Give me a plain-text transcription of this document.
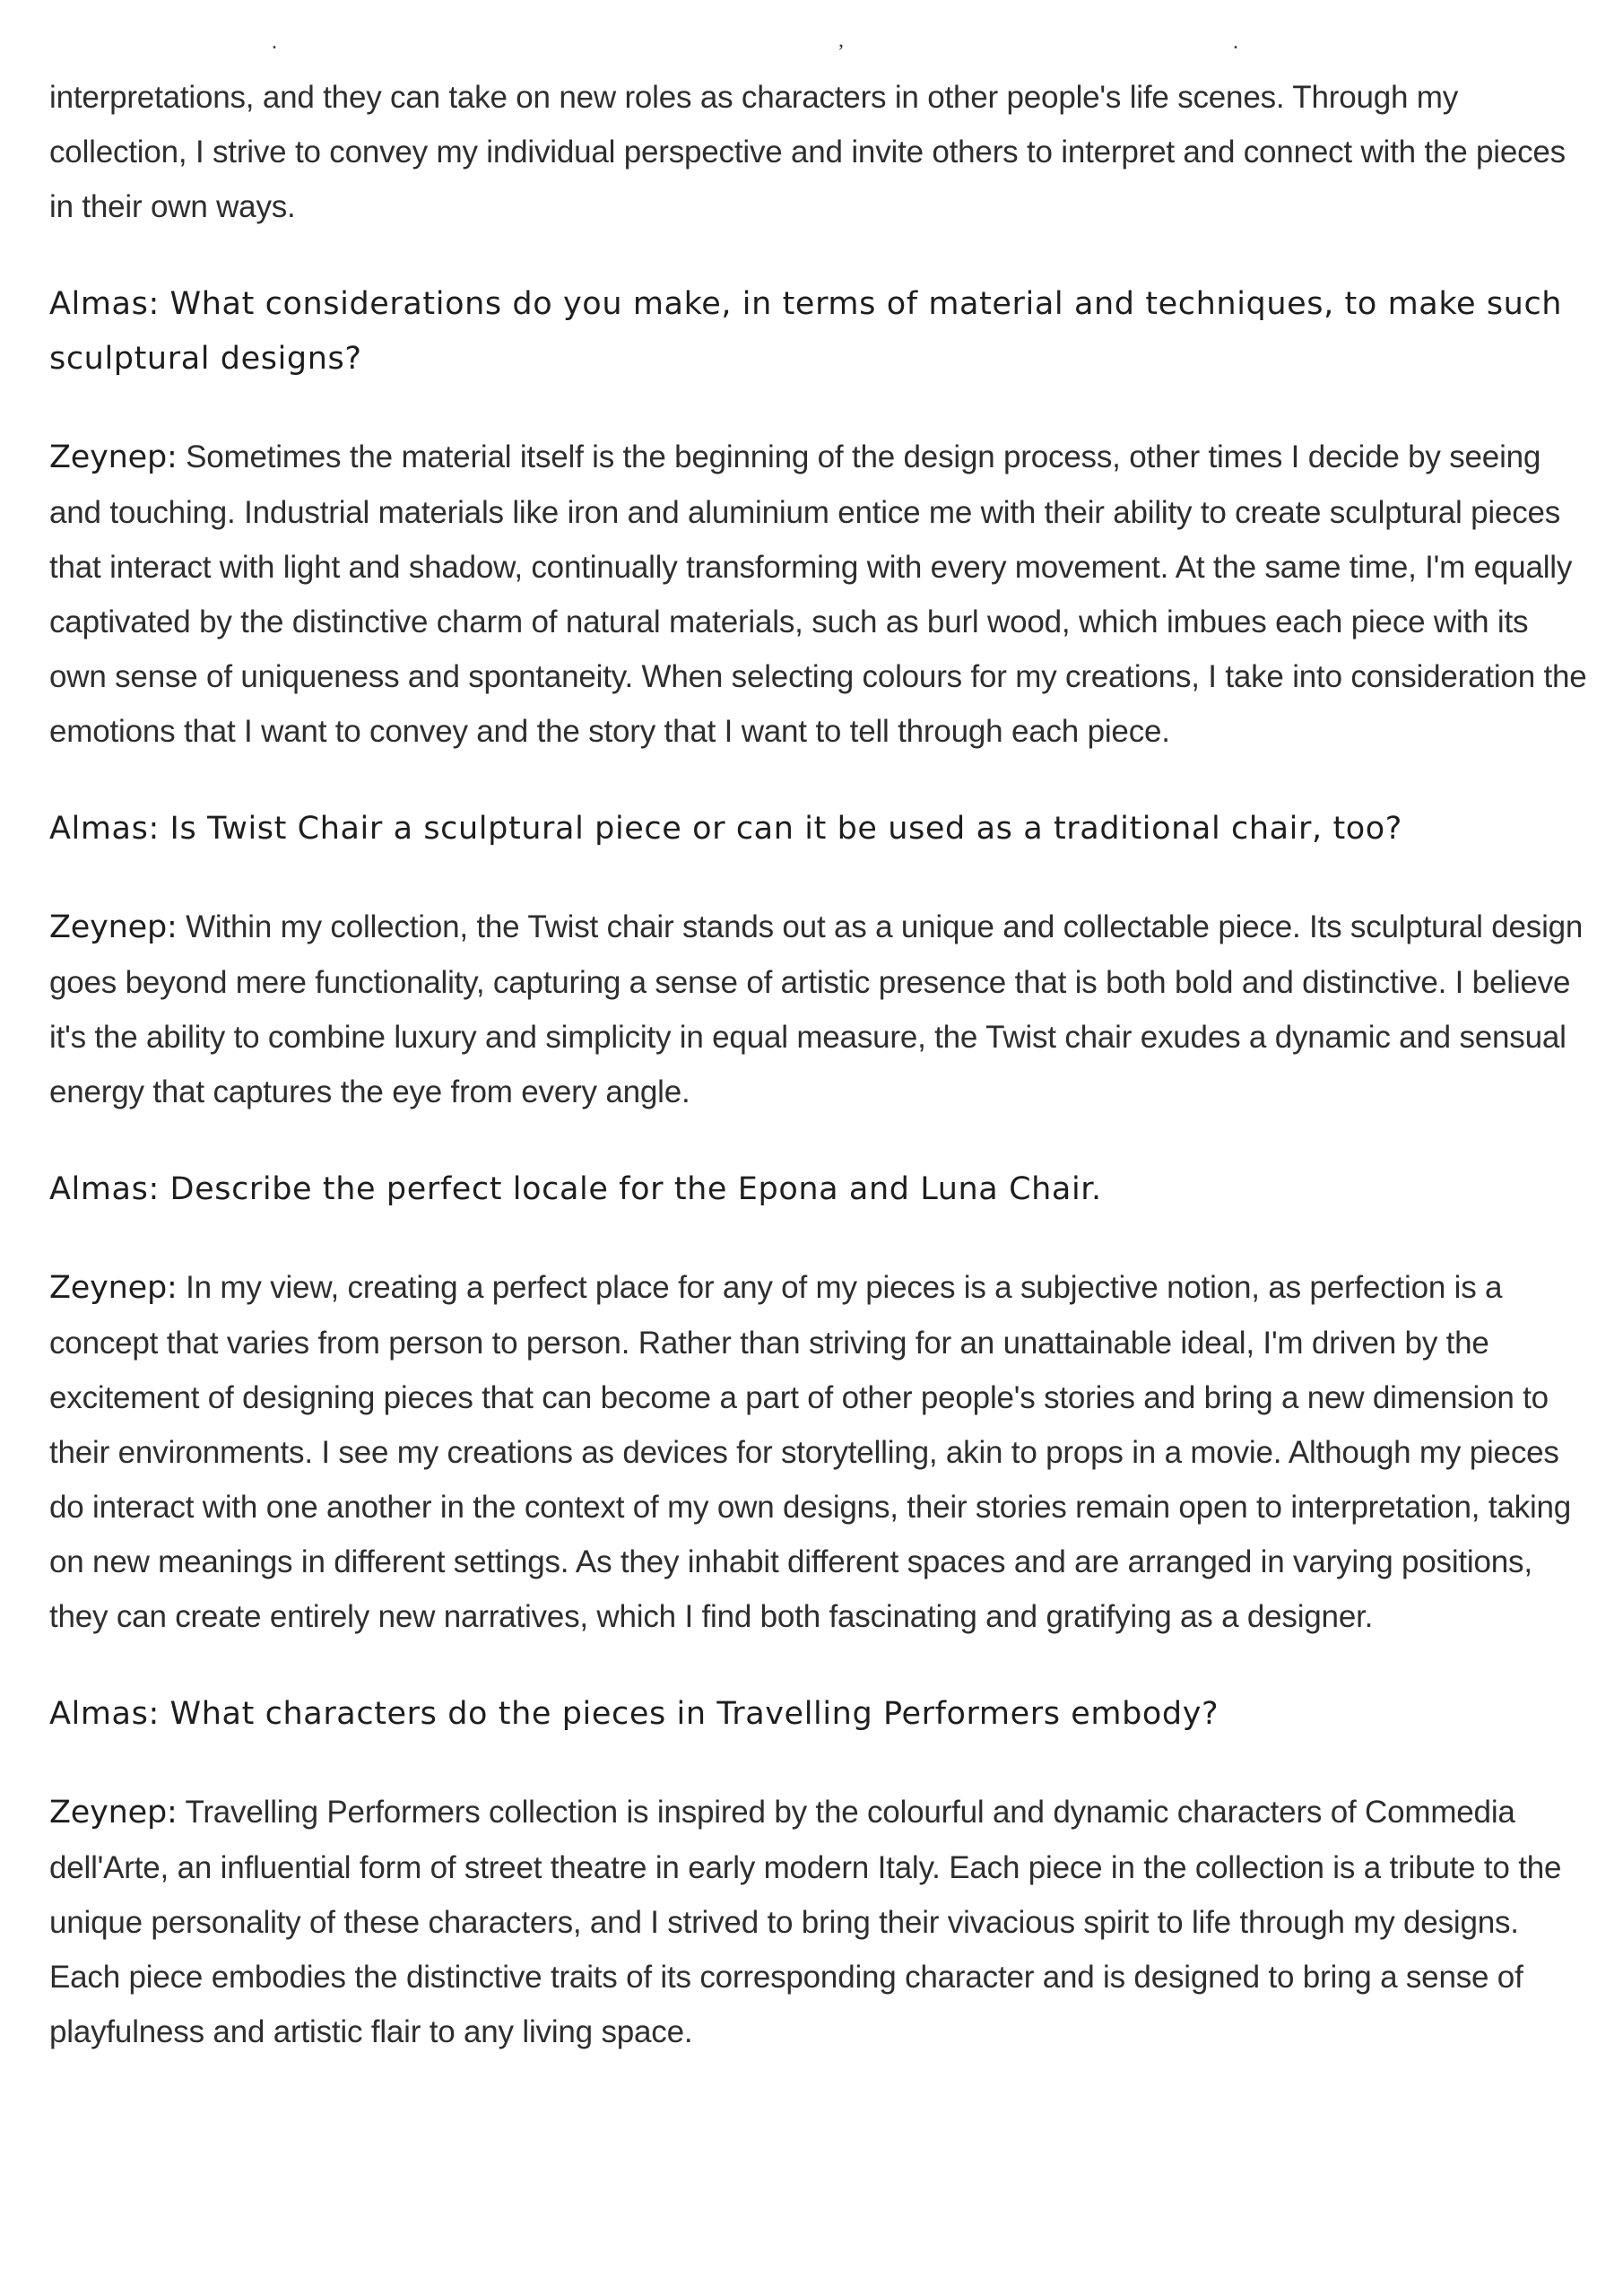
.	,	.

interpretations, and they can take on new roles as characters in other people's life scenes. Through my collection, I strive to convey my individual perspective and invite others to interpret and connect with the pieces in their own ways.

Almas: What considerations do you make, in terms of material and techniques, to make such sculptural designs?

Zeynep: Sometimes the material itself is the beginning of the design process, other times I decide by seeing and touching. Industrial materials like iron and aluminium entice me with their ability to create sculptural pieces that interact with light and shadow, continually transforming with every movement. At the same time, I'm equally captivated by the distinctive charm of natural materials, such as burl wood, which imbues each piece with its own sense of uniqueness and spontaneity. When selecting colours for my creations, I take into consideration the emotions that I want to convey and the story that I want to tell through each piece.

Almas: Is Twist Chair a sculptural piece or can it be used as a traditional chair, too?

Zeynep: Within my collection, the Twist chair stands out as a unique and collectable piece. Its sculptural design goes beyond mere functionality, capturing a sense of artistic presence that is both bold and distinctive. I believe it's the ability to combine luxury and simplicity in equal measure, the Twist chair exudes a dynamic and sensual energy that captures the eye from every angle.

Almas: Describe the perfect locale for the Epona and Luna Chair.

Zeynep: In my view, creating a perfect place for any of my pieces is a subjective notion, as perfection is a concept that varies from person to person. Rather than striving for an unattainable ideal, I'm driven by the excitement of designing pieces that can become a part of other people's stories and bring a new dimension to their environments. I see my creations as devices for storytelling, akin to props in a movie. Although my pieces do interact with one another in the context of my own designs, their stories remain open to interpretation, taking on new meanings in different settings. As they inhabit different spaces and are arranged in varying positions, they can create entirely new narratives, which I find both fascinating and gratifying as a designer.

Almas: What characters do the pieces in Travelling Performers embody?

Zeynep: Travelling Performers collection is inspired by the colourful and dynamic characters of Commedia dell'Arte, an influential form of street theatre in early modern Italy. Each piece in the collection is a tribute to the unique personality of these characters, and I strived to bring their vivacious spirit to life through my designs. Each piece embodies the distinctive traits of its corresponding character and is designed to bring a sense of playfulness and artistic flair to any living space.
